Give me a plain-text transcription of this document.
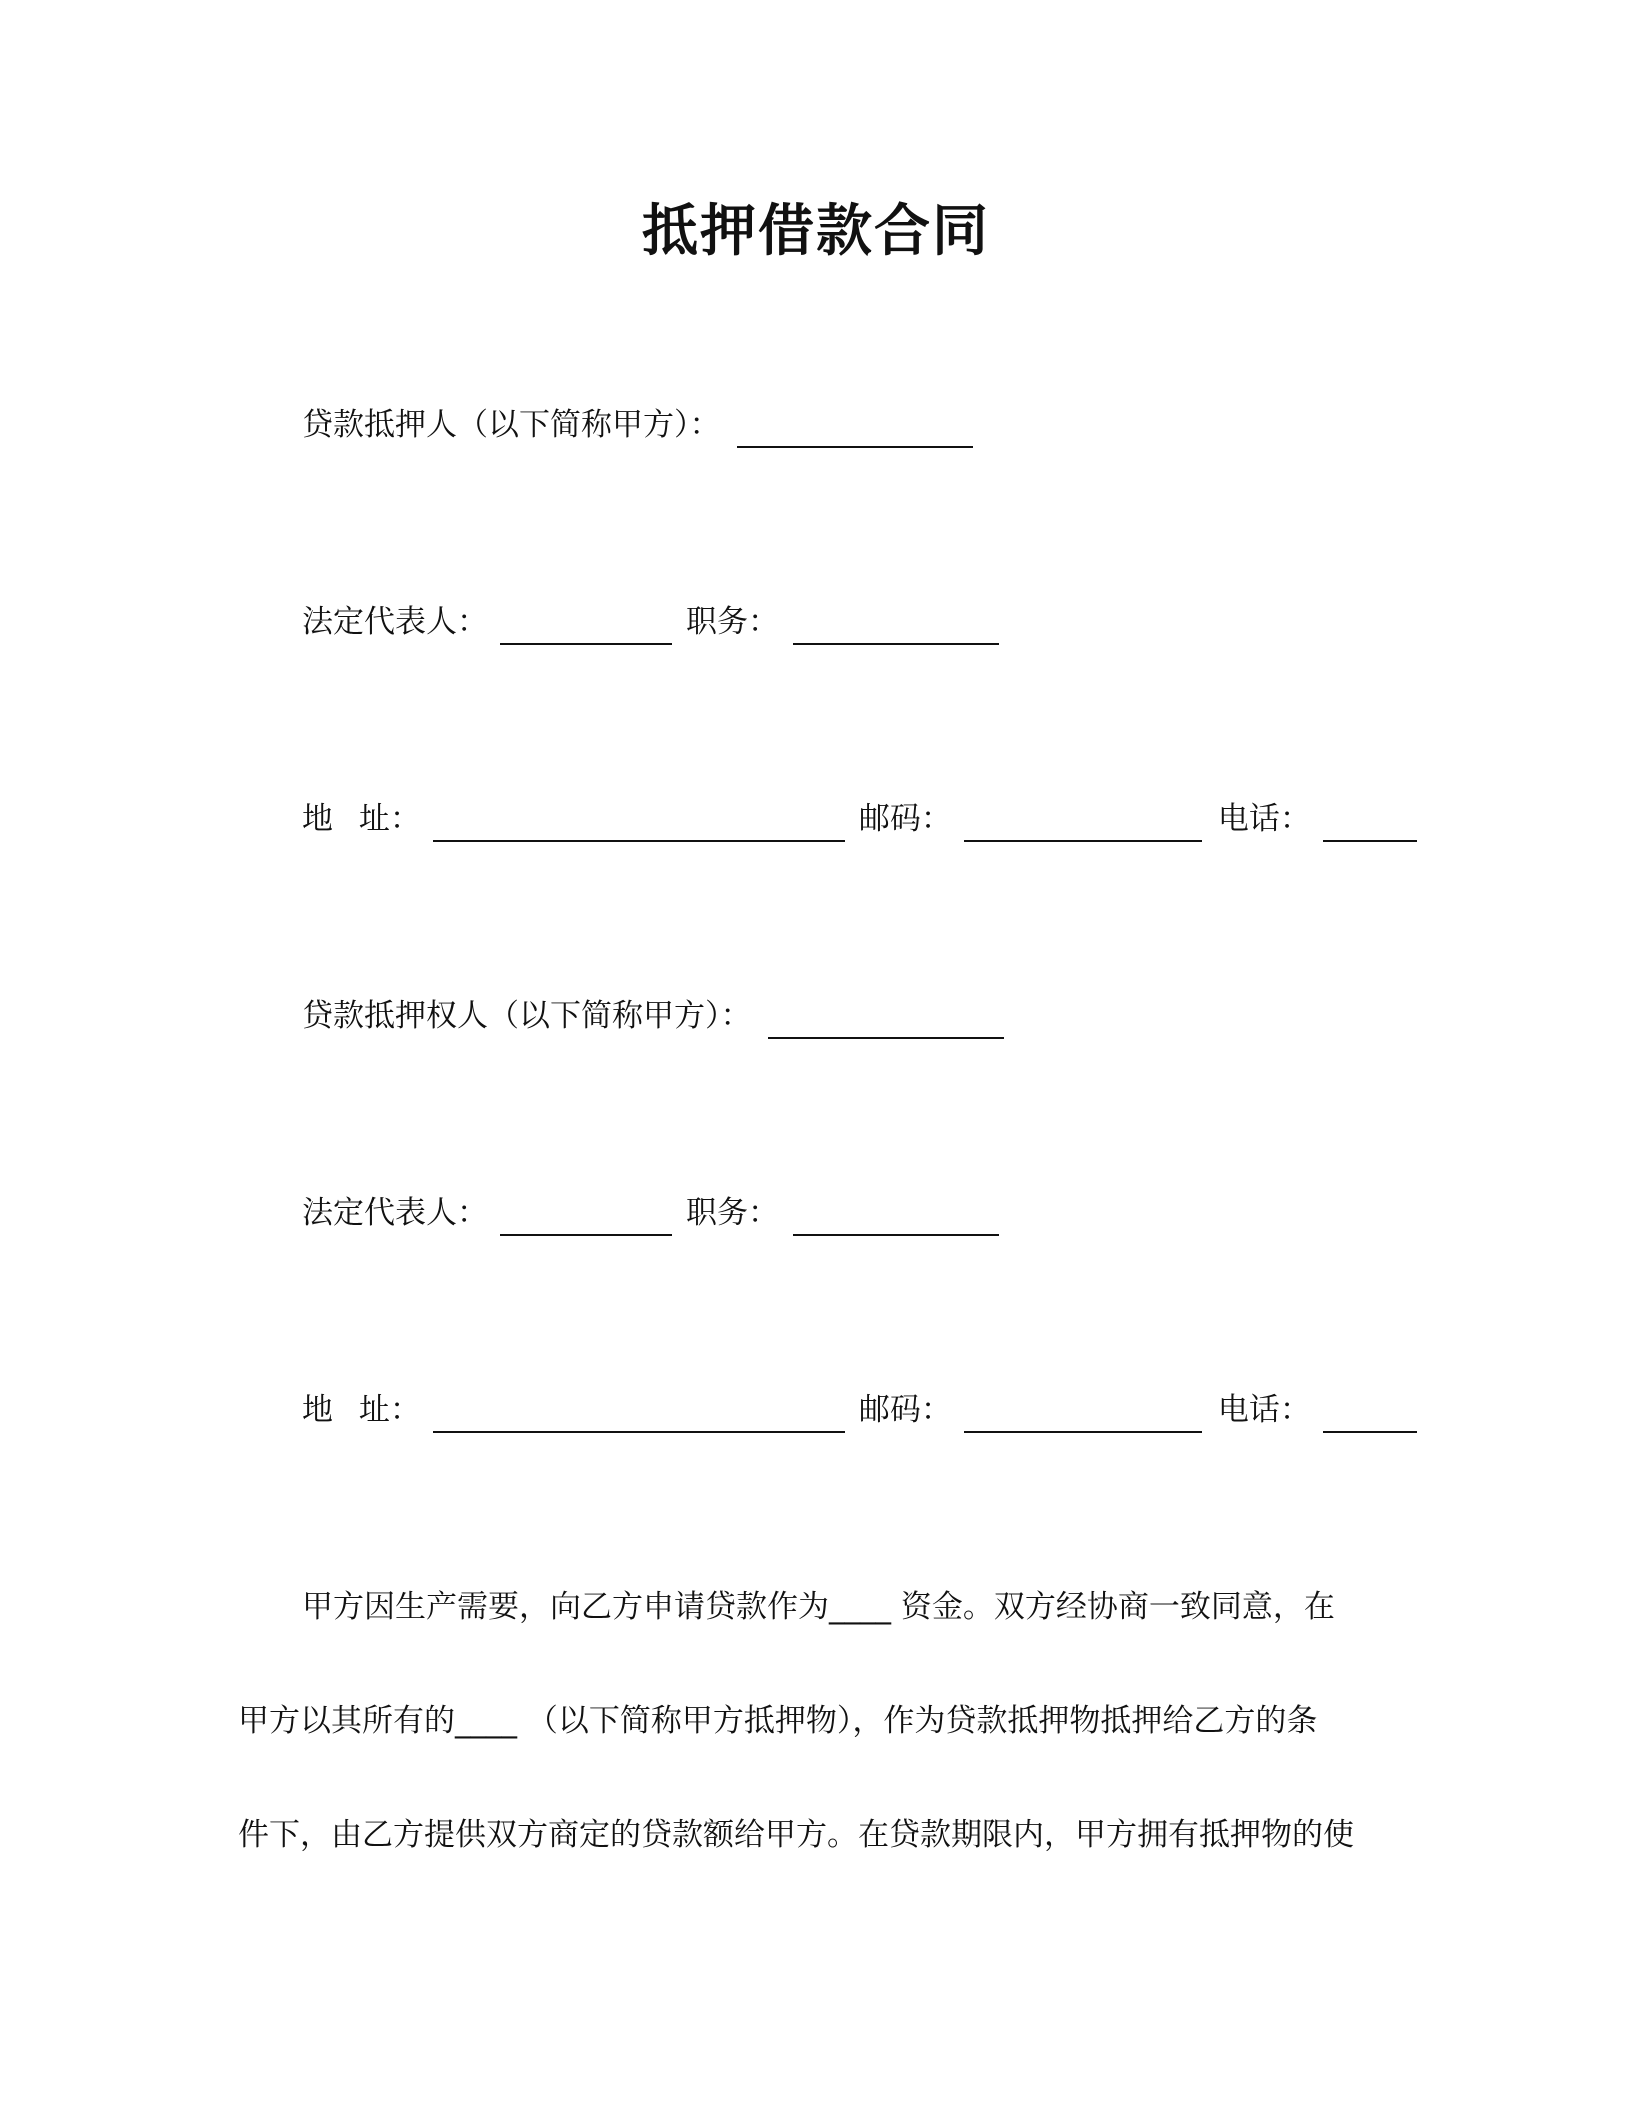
抵押借款合同
贷款抵押人（以下简称甲方）：
法定代表人：	职务：
地 址：	邮码：	电话：
贷款抵押权人（以下简称甲方）：
法定代表人：	职务：
地 址：	邮码：	电话：
甲方因生产需要，向乙方申请贷款作为____ 资金。双方经协商一致同意，在
甲方以其所有的____ （以下简称甲方抵押物），作为贷款抵押物抵押给乙方的条
件下，由乙方提供双方商定的贷款额给甲方。在贷款期限内，甲方拥有抵押物的使
